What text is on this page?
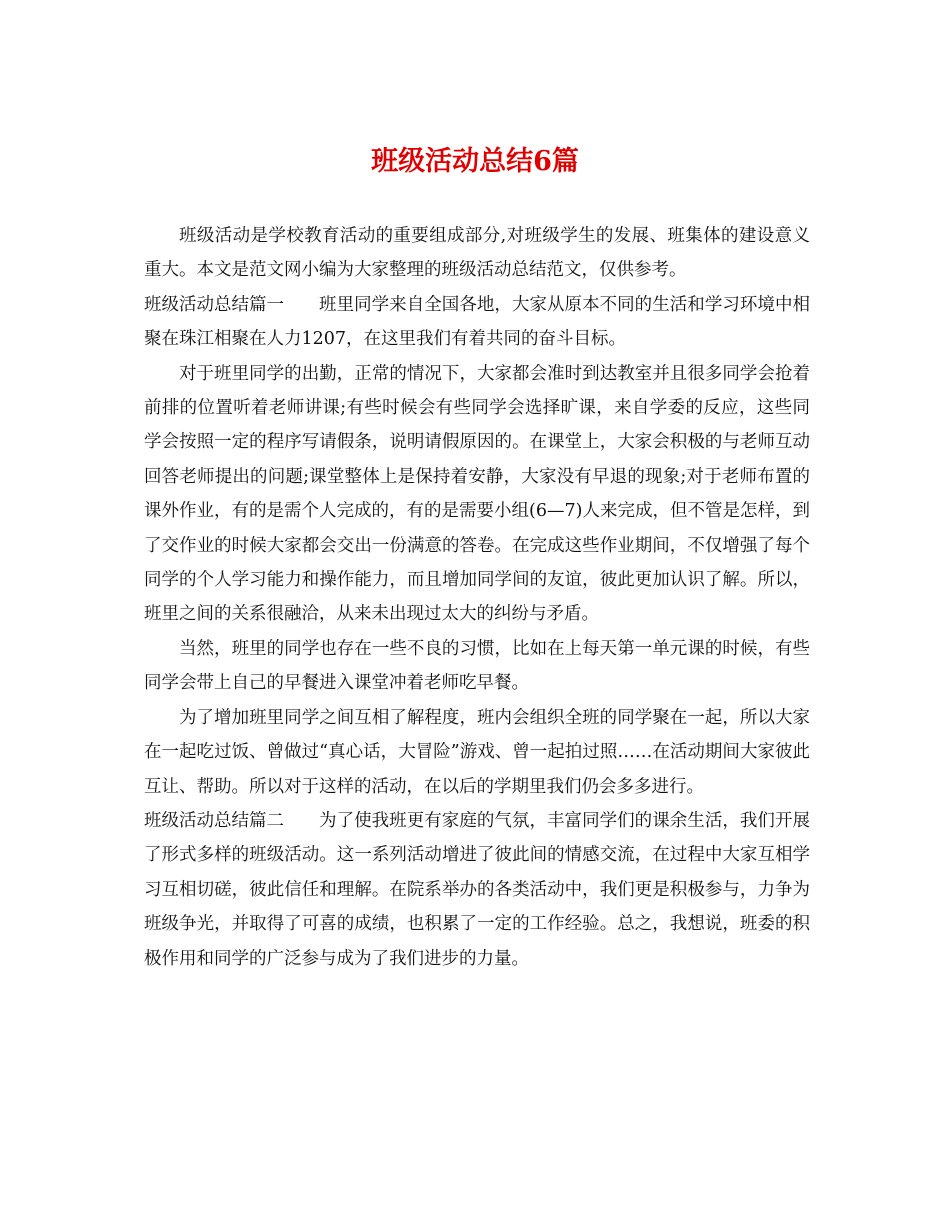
班级活动总结6篇

班级活动是学校教育活动的重要组成部分,对班级学生的发展、班集体的建设意义重大。本文是范文网小编为大家整理的班级活动总结范文，仅供参考。

班级活动总结篇一 班里同学来自全国各地，大家从原本不同的生活和学习环境中相聚在珠江相聚在人力1207，在这里我们有着共同的奋斗目标。

对于班里同学的出勤，正常的情况下，大家都会准时到达教室并且很多同学会抢着前排的位置听着老师讲课;有些时候会有些同学会选择旷课，来自学委的反应，这些同学会按照一定的程序写请假条，说明请假原因的。在课堂上，大家会积极的与老师互动回答老师提出的问题;课堂整体上是保持着安静，大家没有早退的现象;对于老师布置的课外作业，有的是需个人完成的，有的是需要小组(6—7)人来完成，但不管是怎样，到了交作业的时候大家都会交出一份满意的答卷。在完成这些作业期间，不仅增强了每个同学的个人学习能力和操作能力，而且增加同学间的友谊，彼此更加认识了解。所以，班里之间的关系很融洽，从来未出现过太大的纠纷与矛盾。

当然，班里的同学也存在一些不良的习惯，比如在上每天第一单元课的时候，有些同学会带上自己的早餐进入课堂冲着老师吃早餐。

为了增加班里同学之间互相了解程度，班内会组织全班的同学聚在一起，所以大家在一起吃过饭、曾做过“真心话，大冒险”游戏、曾一起拍过照……在活动期间大家彼此互让、帮助。所以对于这样的活动，在以后的学期里我们仍会多多进行。

班级活动总结篇二 为了使我班更有家庭的气氛，丰富同学们的课余生活，我们开展了形式多样的班级活动。这一系列活动增进了彼此间的情感交流，在过程中大家互相学习互相切磋，彼此信任和理解。在院系举办的各类活动中，我们更是积极参与，力争为班级争光，并取得了可喜的成绩，也积累了一定的工作经验。总之，我想说，班委的积极作用和同学的广泛参与成为了我们进步的力量。
